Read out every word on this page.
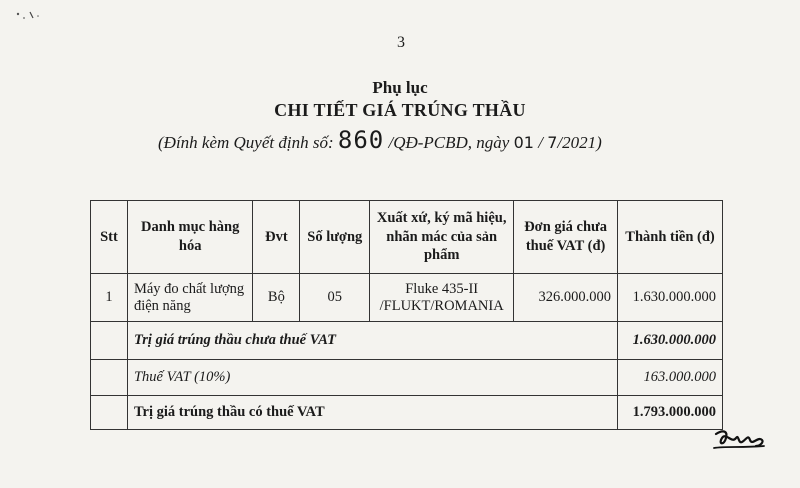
3
Phụ lục
CHI TIẾT GIÁ TRÚNG THẦU
(Đính kèm Quyết định số: 860 /QĐ-PCBD, ngày 01 / 7/2021)
Stt	Danh mục hàng hóa	Đvt	Số lượng	Xuất xứ, ký mã hiệu, nhãn mác của sản phẩm	Đơn giá chưa thuế VAT (đ)	Thành tiền (đ)
1	Máy đo chất lượng điện năng	Bộ	05	Fluke 435-II /FLUKT/ROMANIA	326.000.000	1.630.000.000
	Trị giá trúng thầu chưa thuế VAT					1.630.000.000
	Thuế VAT (10%)					163.000.000
	Trị giá trúng thầu có thuế VAT					1.793.000.000
